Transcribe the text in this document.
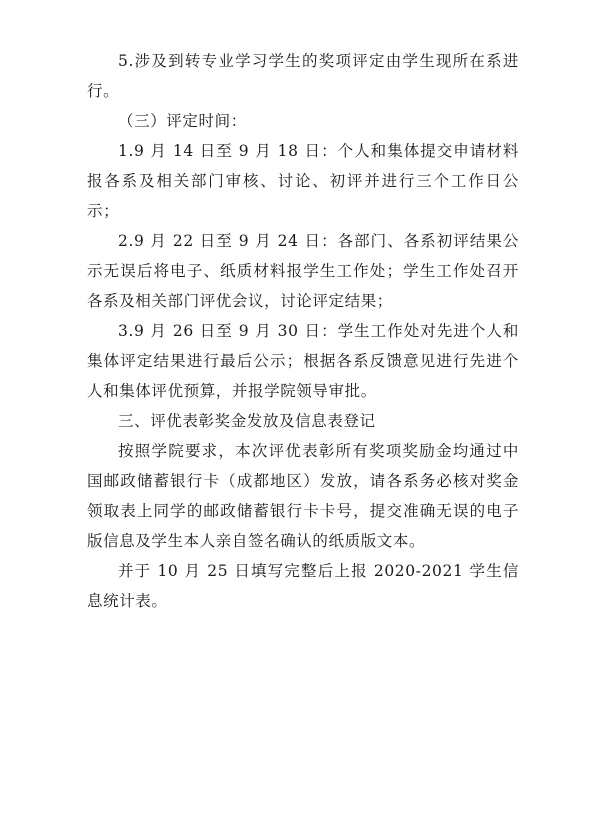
5.涉及到转专业学习学生的奖项评定由学生现所在系进行。

（三）评定时间：

1.9 月 14 日至 9 月 18 日：个人和集体提交申请材料报各系及相关部门审核、讨论、初评并进行三个工作日公示；

2.9 月 22 日至 9 月 24 日：各部门、各系初评结果公示无误后将电子、纸质材料报学生工作处；学生工作处召开各系及相关部门评优会议，讨论评定结果；

3.9 月 26 日至 9 月 30 日：学生工作处对先进个人和集体评定结果进行最后公示；根据各系反馈意见进行先进个人和集体评优预算，并报学院领导审批。

三、评优表彰奖金发放及信息表登记

按照学院要求，本次评优表彰所有奖项奖励金均通过中国邮政储蓄银行卡（成都地区）发放，请各系务必核对奖金领取表上同学的邮政储蓄银行卡卡号，提交准确无误的电子版信息及学生本人亲自签名确认的纸质版文本。

并于 10 月 25 日填写完整后上报 2020-2021 学生信息统计表。
